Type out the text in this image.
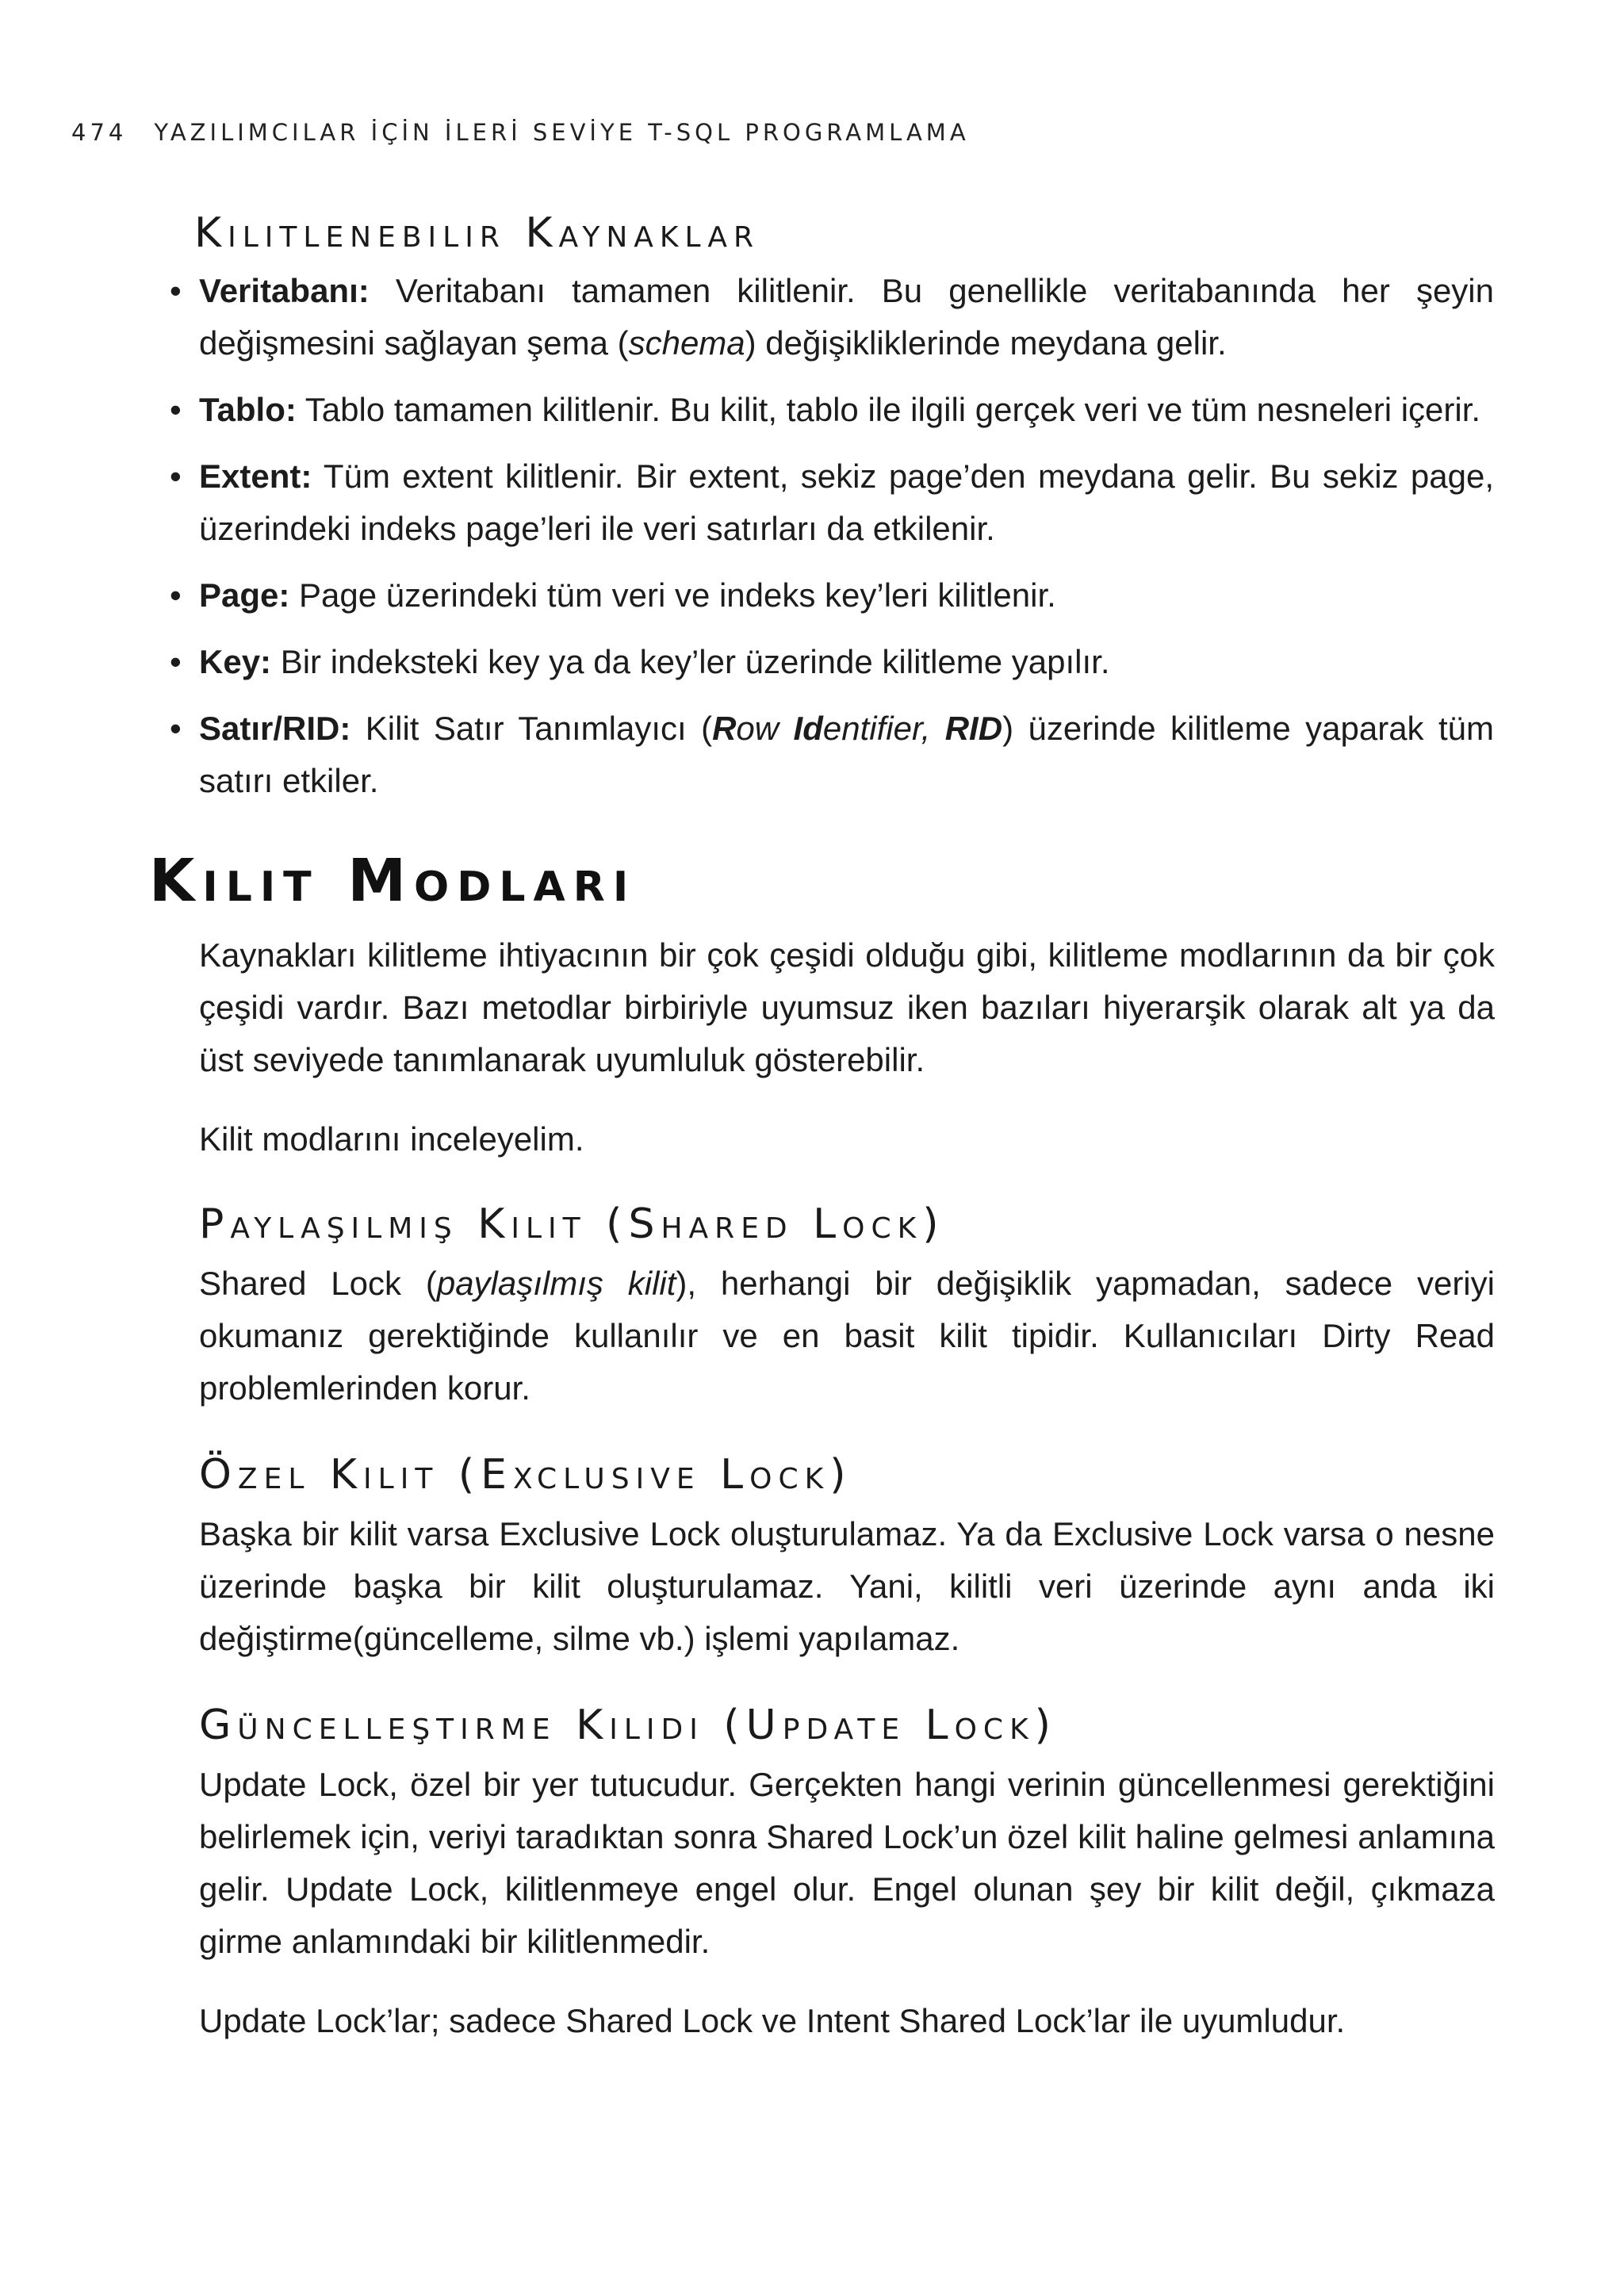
474 YAZILIMCILAR İÇİN İLERİ SEVİYE T-SQL PROGRAMLAMA
Kilitlenebilir Kaynaklar
• Veritabanı: Veritabanı tamamen kilitlenir. Bu genellikle veritabanında her şeyin değişmesini sağlayan şema (schema) değişikliklerinde meydana gelir.
• Tablo: Tablo tamamen kilitlenir. Bu kilit, tablo ile ilgili gerçek veri ve tüm nesneleri içerir.
• Extent: Tüm extent kilitlenir. Bir extent, sekiz page’den meydana gelir. Bu sekiz page, üzerindeki indeks page’leri ile veri satırları da etkilenir.
• Page: Page üzerindeki tüm veri ve indeks key’leri kilitlenir.
• Key: Bir indeksteki key ya da key’ler üzerinde kilitleme yapılır.
• Satır/RID: Kilit Satır Tanımlayıcı (Row Identifier, RID) üzerinde kilitleme yaparak tüm satırı etkiler.
Kilit Modları

Kaynakları kilitleme ihtiyacının bir çok çeşidi olduğu gibi, kilitleme modlarının da bir çok çeşidi vardır. Bazı metodlar birbiriyle uyumsuz iken bazıları hiyerarşik olarak alt ya da üst seviyede tanımlanarak uyumluluk gösterebilir.

Kilit modlarını inceleyelim.

Paylaşılmış Kilit (Shared Lock)

Shared Lock (paylaşılmış kilit), herhangi bir değişiklik yapmadan, sadece veriyi okumanız gerektiğinde kullanılır ve en basit kilit tipidir. Kullanıcıları Dirty Read problemlerinden korur.

Özel Kilit (Exclusive Lock)

Başka bir kilit varsa Exclusive Lock oluşturulamaz. Ya da Exclusive Lock varsa o nesne üzerinde başka bir kilit oluşturulamaz. Yani, kilitli veri üzerinde aynı anda iki değiştirme(güncelleme, silme vb.) işlemi yapılamaz.

Güncelleştirme Kilidi (Update Lock)

Update Lock, özel bir yer tutucudur. Gerçekten hangi verinin güncellenmesi gerektiğini belirlemek için, veriyi taradıktan sonra Shared Lock’un özel kilit haline gelmesi anlamına gelir. Update Lock, kilitlenmeye engel olur. Engel olunan şey bir kilit değil, çıkmaza girme anlamındaki bir kilitlenmedir.

Update Lock’lar; sadece Shared Lock ve Intent Shared Lock’lar ile uyumludur.
